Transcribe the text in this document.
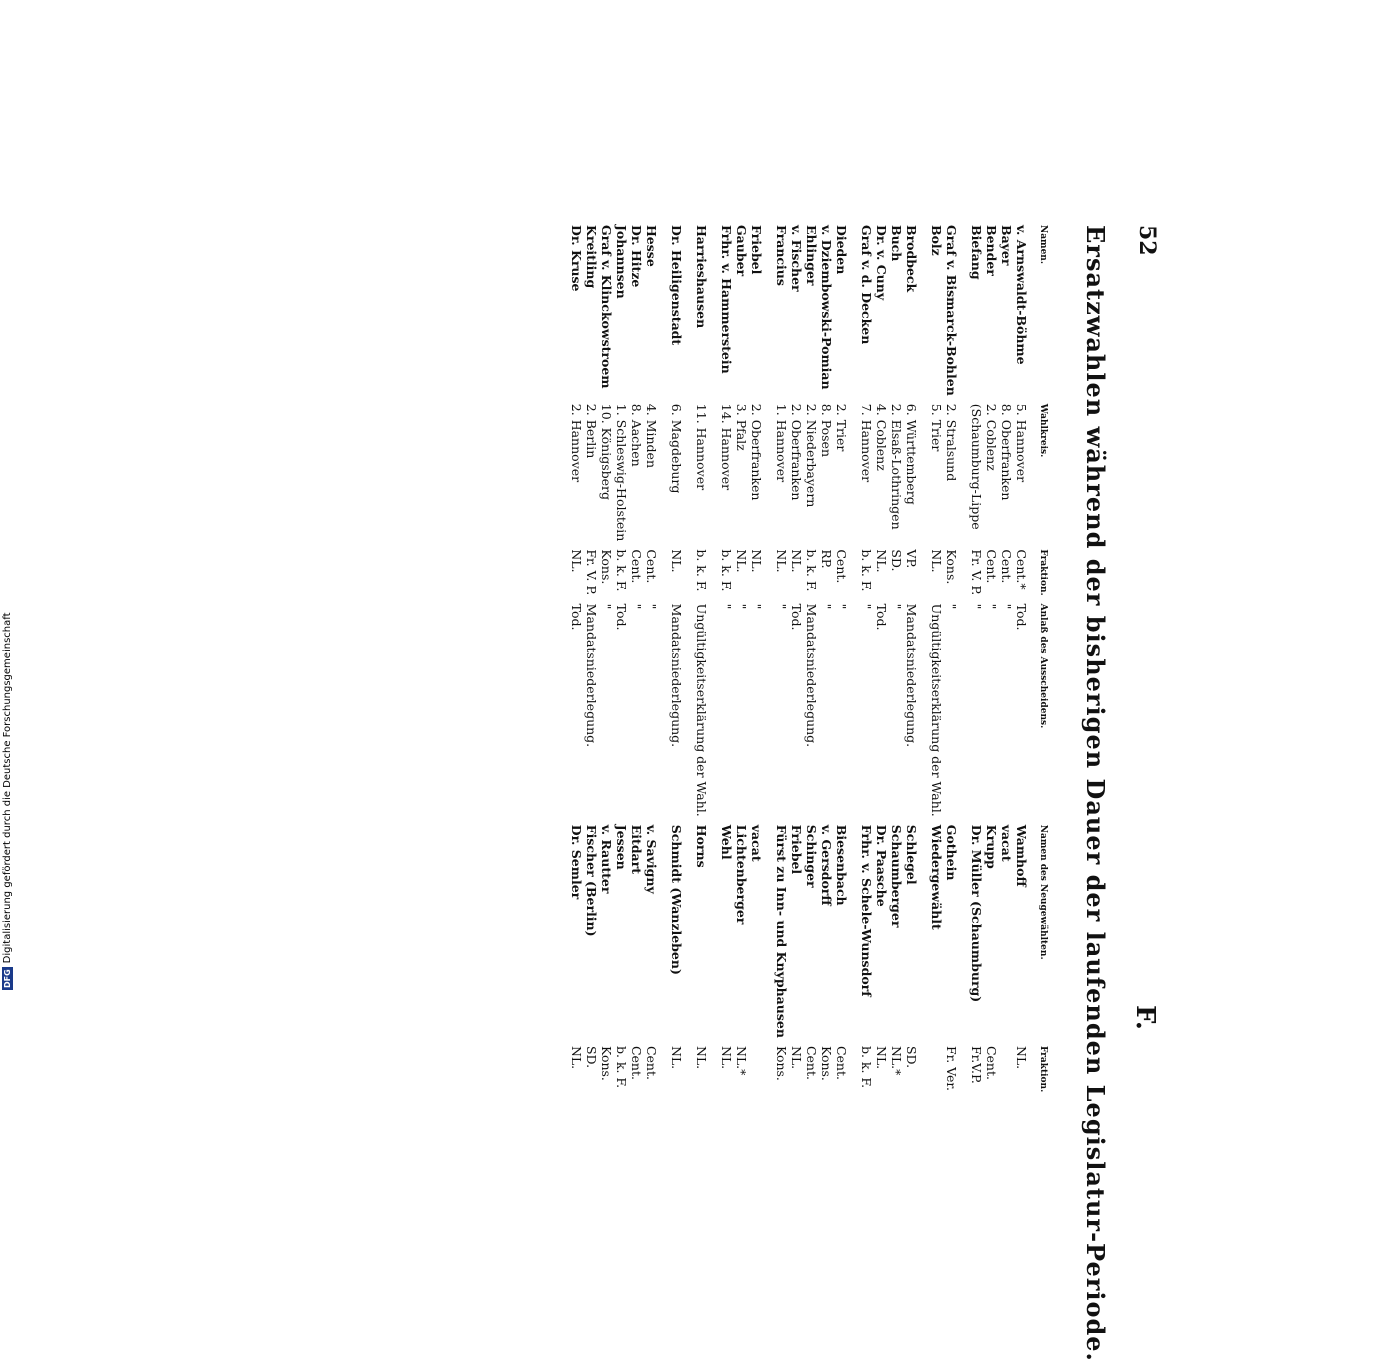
52
Ersatzwahlen während der bisherigen Dauer der laufenden Legislatur-Periode. F.
Namen.	Wahlkreis.	Fraktion.	Anlaß des Ausscheidens.	Namen des Neugewählten.	Fraktion.
v. Arnswaldt-Böhme	5. Hannover	Cent.*	Tod.	Wamhoff	NL.
Bayer	8. Oberfranken	Cent.	"	vacat	
Bender	2. Coblenz	Cent.	"	Krupp	Cent.
Biefang	(Schaumburg-Lippe	Fr. V. P.	"	Dr. Müller (Schaumburg)	Fr.V.P.
Graf v. Bismarck-Bohlen	2. Stralsund	Kons.	"	Gothein	Fr. Ver.
Bolz	5. Trier	NL.	Ungültigkeitserklärung der Wahl.	Wiedergewählt	
Brodbeck	6. Württemberg	VP.	Mandatsniederlegung.	Schlegel	SD.
Buch	2. Elsaß-Lothringen	SD.	"	Schaumberger	NL.*
Dr. v. Cuny	4. Coblenz	NL.	Tod.	Dr. Paasche	NL.
Graf v. d. Decken	7. Hannover	b. k. F.	"	Frhr. v. Schele-Wunsdorf	b. k. F.
Dieden	2. Trier	Cent.	"	Biesenbach	Cent.
v. Dziembowski-Pomian	8. Posen	RP.	"	v. Gersdorff	Kons.
Ehlinger	2. Niederbayern	b. k. F.	Mandatsniederlegung.	Schinger	Cent.
v. Fischer	2. Oberfranken	NL.	Tod.	Friebel	NL.
Francius	1. Hannover	NL.	"	Fürst zu Inn- und Knyphausen	Kons.
Friebel	2. Oberfranken	NL.	"	vacat	
Gauber	3. Pfalz	NL.	"	Lichtenberger	NL.*
Frhr. v. Hammerstein	14. Hannover	b. k. F.	"	Wehl	NL.
Harrieshausen	11. Hannover	b. k. F.	Ungültigkeitserklärung der Wahl.	Horns	NL.
Dr. Heiligenstadt	6. Magdeburg	NL.	Mandatsniederlegung.	Schmidt (Wanzleben)	NL.
Hesse	4. Minden	Cent.	"	v. Savigny	Cent.
Dr. Hitze	8. Aachen	Cent.	"	Eitdart	Cent.
Johannsen	1. Schleswig-Holstein	b. k. F.	Tod.	Jessen	b. k. F.
Graf v. Klinckowstroem	10. Königsberg	Kons.	"	v. Rautter	Kons.
Kreitling	2. Berlin	Fr. V. P.	Mandatsniederlegung.	Fischer (Berlin)	SD.
Dr. Kruse	2. Hannover	NL.	Tod.	Dr. Semler	NL.
DFGDigitalisierung gefördert durch die Deutsche Forschungsgemeinschaft
